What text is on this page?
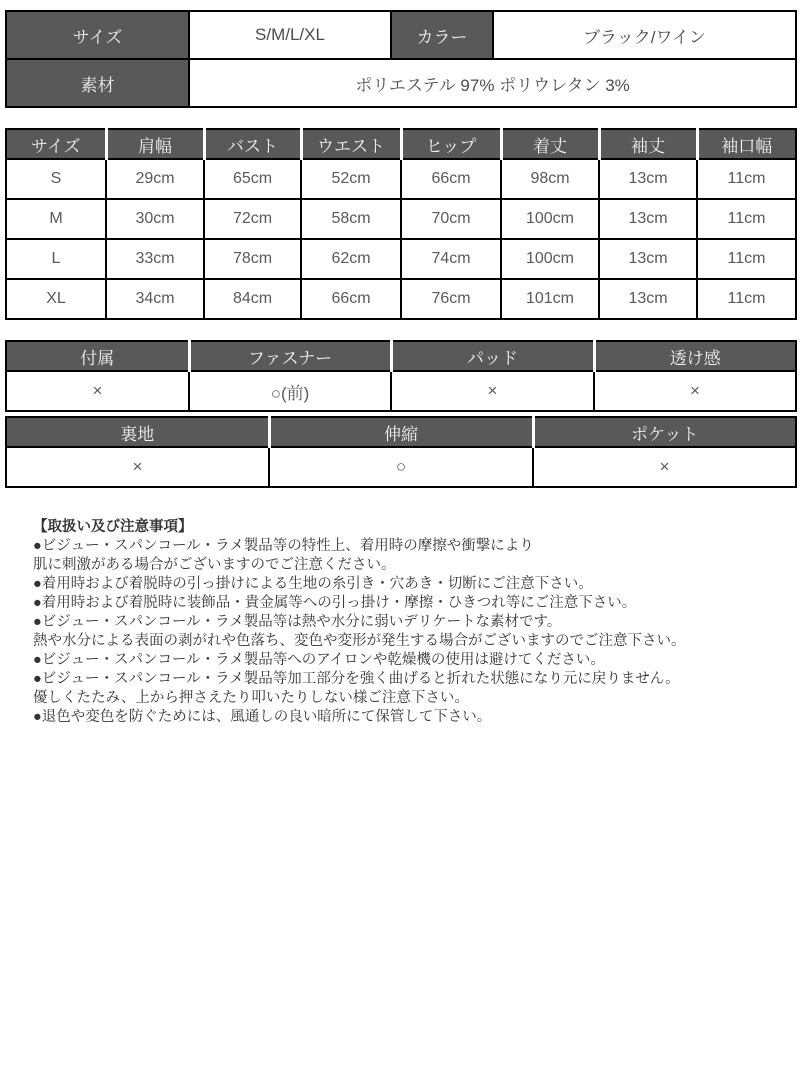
サイズ	S/M/L/XL	カラー	ブラック/ワイン
素材	ポリエステル 97% ポリウレタン 3%		
サイズ	肩幅	バスト	ウエスト	ヒップ	着丈	袖丈	袖口幅
S	29cm	65cm	52cm	66cm	98cm	13cm	11cm
M	30cm	72cm	58cm	70cm	100cm	13cm	11cm
L	33cm	78cm	62cm	74cm	100cm	13cm	11cm
XL	34cm	84cm	66cm	76cm	101cm	13cm	11cm
付属	ファスナー	パッド	透け感
×	○(前)	×	×
裏地	伸縮	ポケット
×	○	×
【取扱い及び注意事項】
●ビジュー・スパンコール・ラメ製品等の特性上、着用時の摩擦や衝撃により
肌に刺激がある場合がございますのでご注意ください。
●着用時および着脱時の引っ掛けによる生地の糸引き・穴あき・切断にご注意下さい。
●着用時および着脱時に装飾品・貴金属等への引っ掛け・摩擦・ひきつれ等にご注意下さい。
●ビジュー・スパンコール・ラメ製品等は熱や水分に弱いデリケートな素材です。
熱や水分による表面の剥がれや色落ち、変色や変形が発生する場合がございますのでご注意下さい。
●ビジュー・スパンコール・ラメ製品等へのアイロンや乾燥機の使用は避けてください。
●ビジュー・スパンコール・ラメ製品等加工部分を強く曲げると折れた状態になり元に戻りません。
優しくたたみ、上から押さえたり叩いたりしない様ご注意下さい。
●退色や変色を防ぐためには、風通しの良い暗所にて保管して下さい。
